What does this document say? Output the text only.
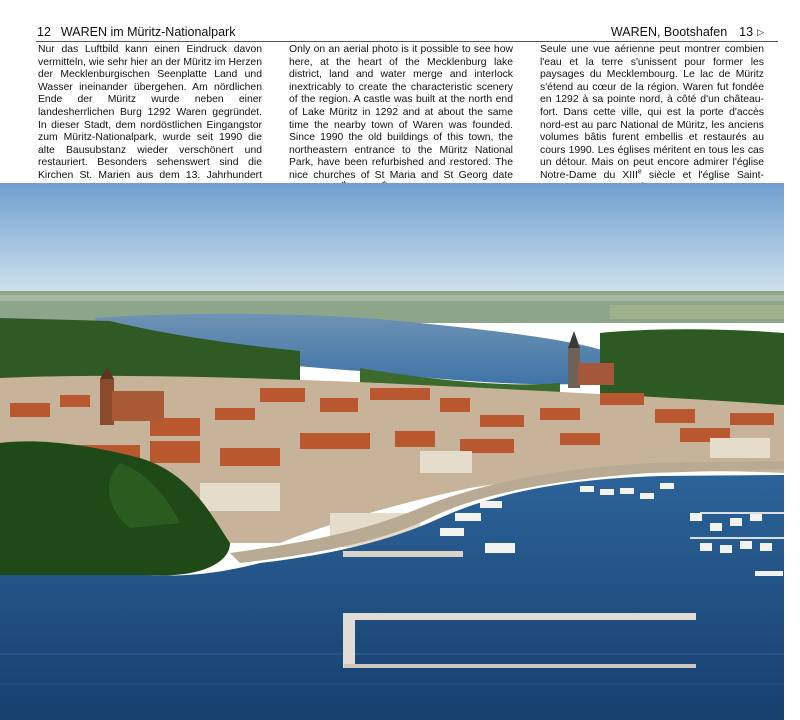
12 WAREN im Müritz-Nationalpark	WAREN, Bootshafen 13 ▷
Nur das Luftbild kann einen Eindruck davon vermitteln, wie sehr hier an der Müritz im Herzen der Mecklenburgischen Seenplatte Land und Wasser ineinander übergehen. Am nördlichen Ende der Müritz wurde neben einer landesherrlichen Burg 1292 Waren gegründet. In dieser Stadt, dem nordöstlichen Eingangstor zum Müritz-Nationalpark, wurde seit 1990 die alte Bausubstanz wieder verschönert und restauriert. Besonders sehenswert sind die Kirchen St. Marien aus dem 13. Jahrhundert
Only on an aerial photo is it possible to see how here, at the heart of the Mecklenburg lake district, land and water merge and interlock inextricably to create the characteristic scenery of the region. A castle was built at the north end of Lake Müritz in 1292 and at about the same time the nearby town of Waren was founded. Since 1990 the old buildings of this town, the northeastern entrance to the Müritz National Park, have been refurbished and restored. The nice churches of St Maria and St Georg date
Seule une vue aérienne peut montrer combien l'eau et la terre s'unissent pour former les paysages du Mecklembourg. Le lac de Müritz s'étend au cœur de la région. Waren fut fondée en 1292 à sa pointe nord, à côté d'un château-fort. Dans cette ville, qui est la porte d'accès nord-est au parc National de Müritz, les anciens volumes bâtis furent embellis et restaurés au cours 1990. Les églises méritent en tous les cas un détour. Mais on peut encore admirer l'église Notre-Dame du XIIIe siècle et l'église Saint-
